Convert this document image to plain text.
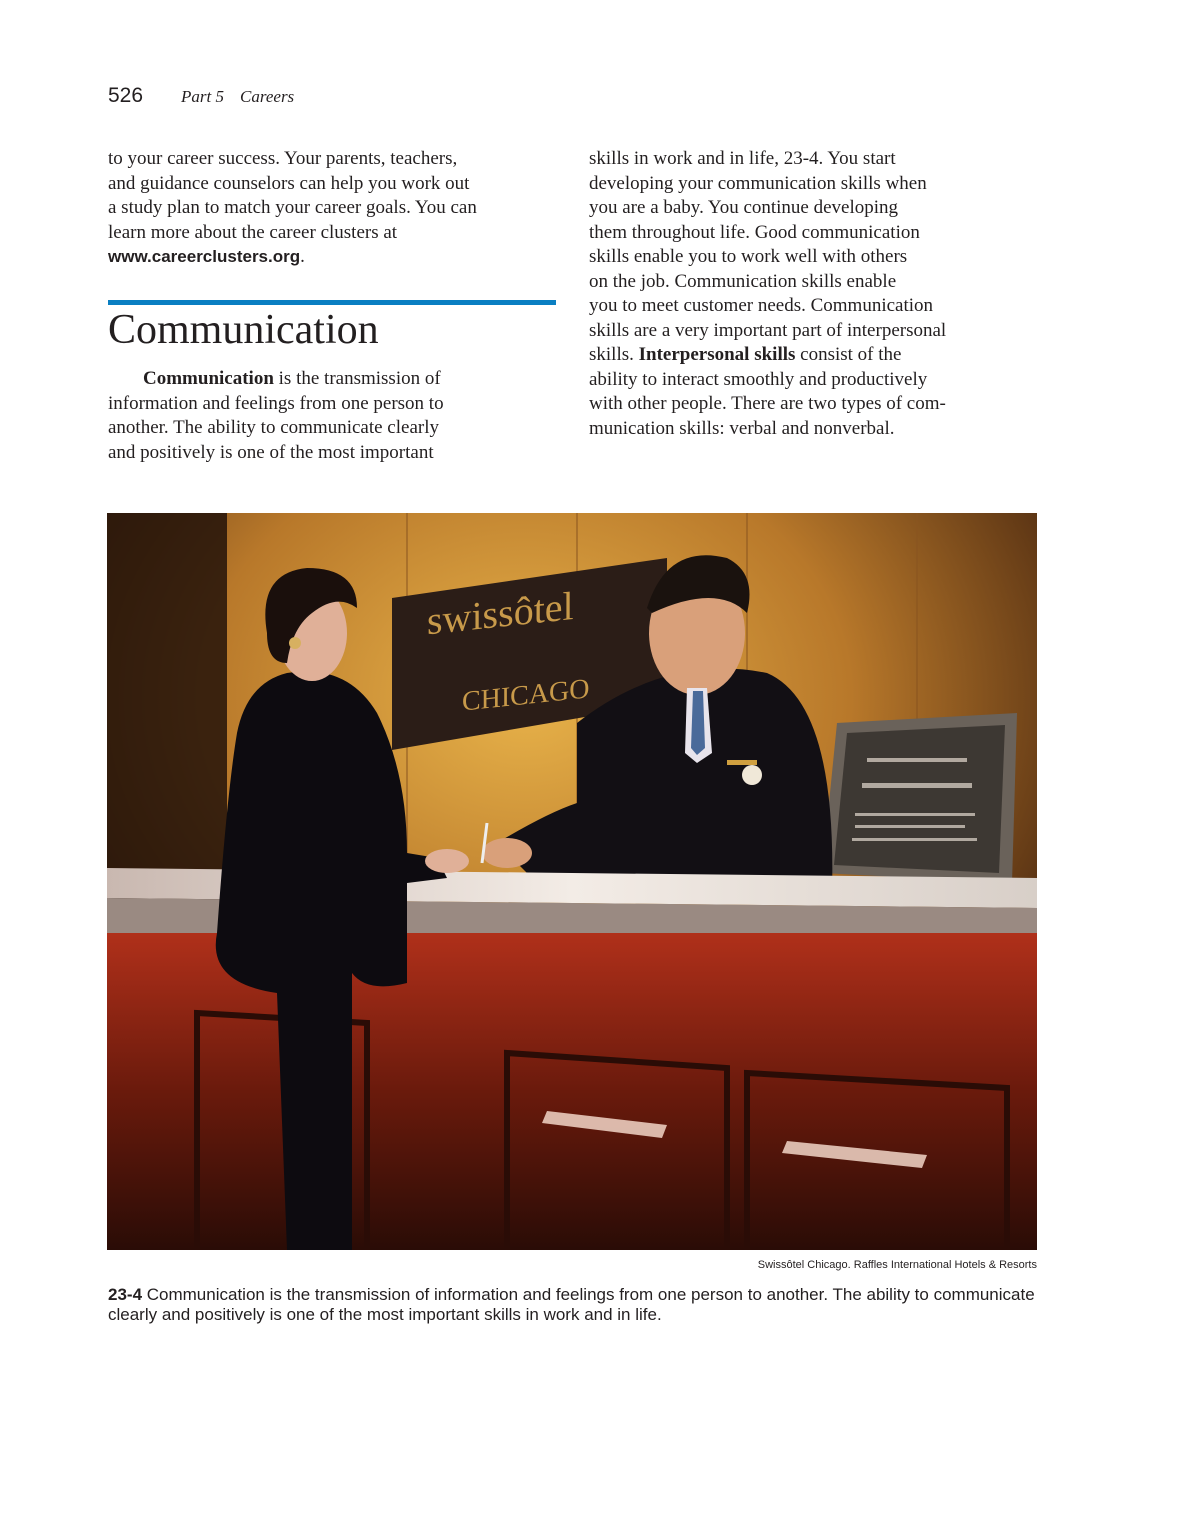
526 Part 5 Careers
to your career success. Your parents, teachers,
and guidance counselors can help you work out
a study plan to match your career goals. You can
learn more about the career clusters at
www.careerclusters.org.
Communication
Communication is the transmission of
information and feelings from one person to
another. The ability to communicate clearly
and positively is one of the most important
skills in work and in life, 23-4. You start
developing your communication skills when
you are a baby. You continue developing
them throughout life. Good communication
skills enable you to work well with others
on the job. Communication skills enable
you to meet customer needs. Communication
skills are a very important part of interpersonal
skills. Interpersonal skills consist of the
ability to interact smoothly and productively
with other people. There are two types of com-
munication skills: verbal and nonverbal.
swissôtel
CHICAGO
Swissôtel Chicago. Raffles International Hotels & Resorts
23-4 Communication is the transmission of information and feelings from one person to another. The ability to communicate clearly and positively is one of the most important skills in work and in life.
